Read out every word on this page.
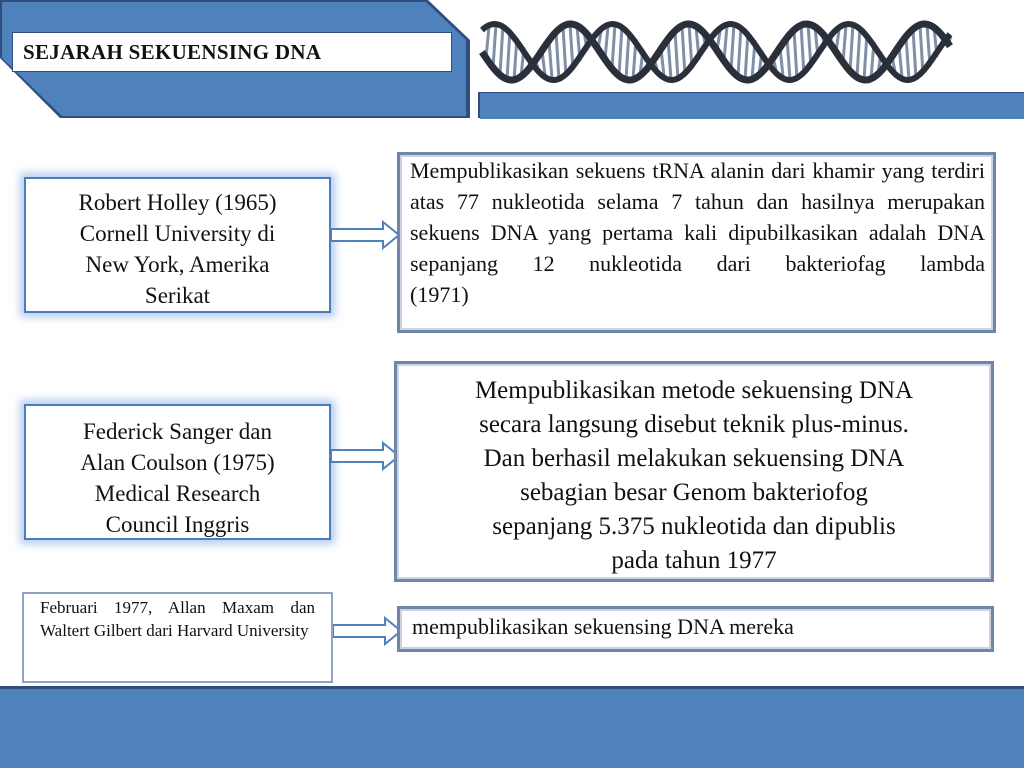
SEJARAH SEKUENSING DNA
Robert Holley (1965)
Cornell University di
New York, Amerika
Serikat
Mempublikasikan sekuens tRNA alanin dari khamir yang terdiri atas 77 nukleotida selama 7 tahun dan hasilnya merupakan sekuens DNA yang pertama kali dipubilkasikan adalah DNA sepanjang 12 nukleotida dari bakteriofag lambda
(1971)
Federick Sanger dan
Alan Coulson (1975)
Medical Research
Council Inggris
Mempublikasikan metode sekuensing DNA
secara langsung disebut teknik plus-minus.
Dan berhasil melakukan sekuensing DNA
sebagian besar Genom bakteriofog
sepanjang 5.375 nukleotida dan dipublis
pada tahun 1977
Februari 1977, Allan Maxam dan Waltert Gilbert dari Harvard University	mempublikasikan sekuensing DNA mereka
